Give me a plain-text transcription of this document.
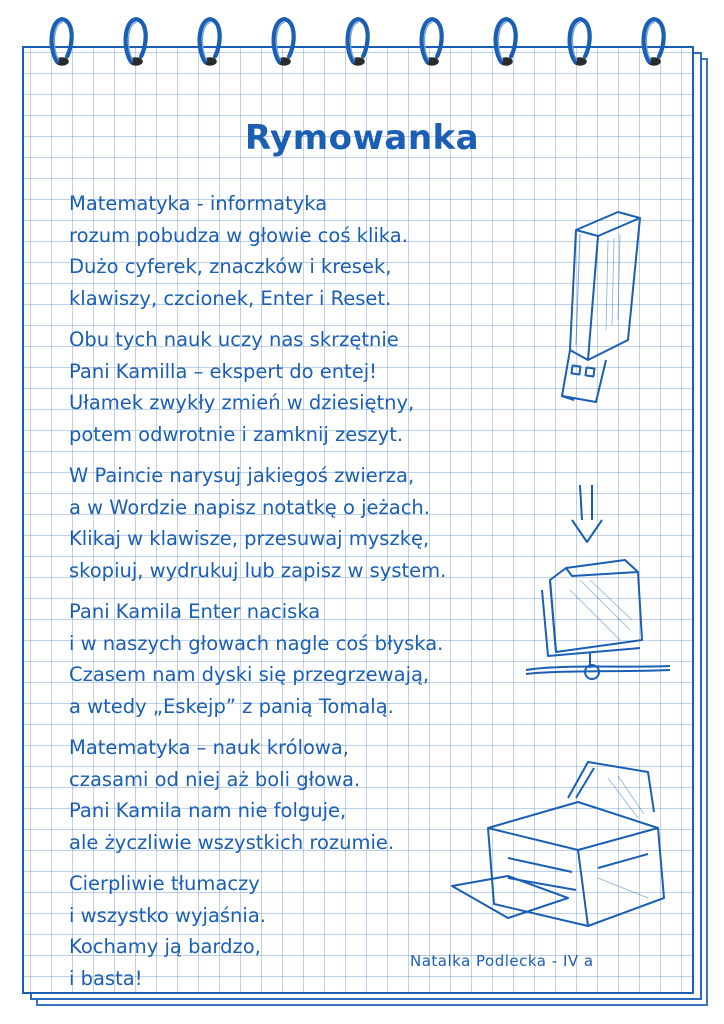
Rymowanka
Matematyka - informatyka
rozum pobudza w głowie coś klika.
Dużo cyferek, znaczków i kresek,
klawiszy, czcionek, Enter i Reset.
Obu tych nauk uczy nas skrzętnie
Pani Kamilla – ekspert do entej!
Ułamek zwykły zmień w dziesiętny,
potem odwrotnie i zamknij zeszyt.
W Paincie narysuj jakiegoś zwierza,
a w Wordzie napisz notatkę o jeżach.
Klikaj w klawisze, przesuwaj myszkę,
skopiuj, wydrukuj lub zapisz w system.
Pani Kamila Enter naciska
i w naszych głowach nagle coś błyska.
Czasem nam dyski się przegrzewają,
a wtedy „Eskejp” z panią Tomalą.
Matematyka – nauk królowa,
czasami od niej aż boli głowa.
Pani Kamila nam nie folguje,
ale życzliwie wszystkich rozumie.
Cierpliwie tłumaczy
i wszystko wyjaśnia.
Kochamy ją bardzo,
i basta!
Natalka Podlecka - IV a
